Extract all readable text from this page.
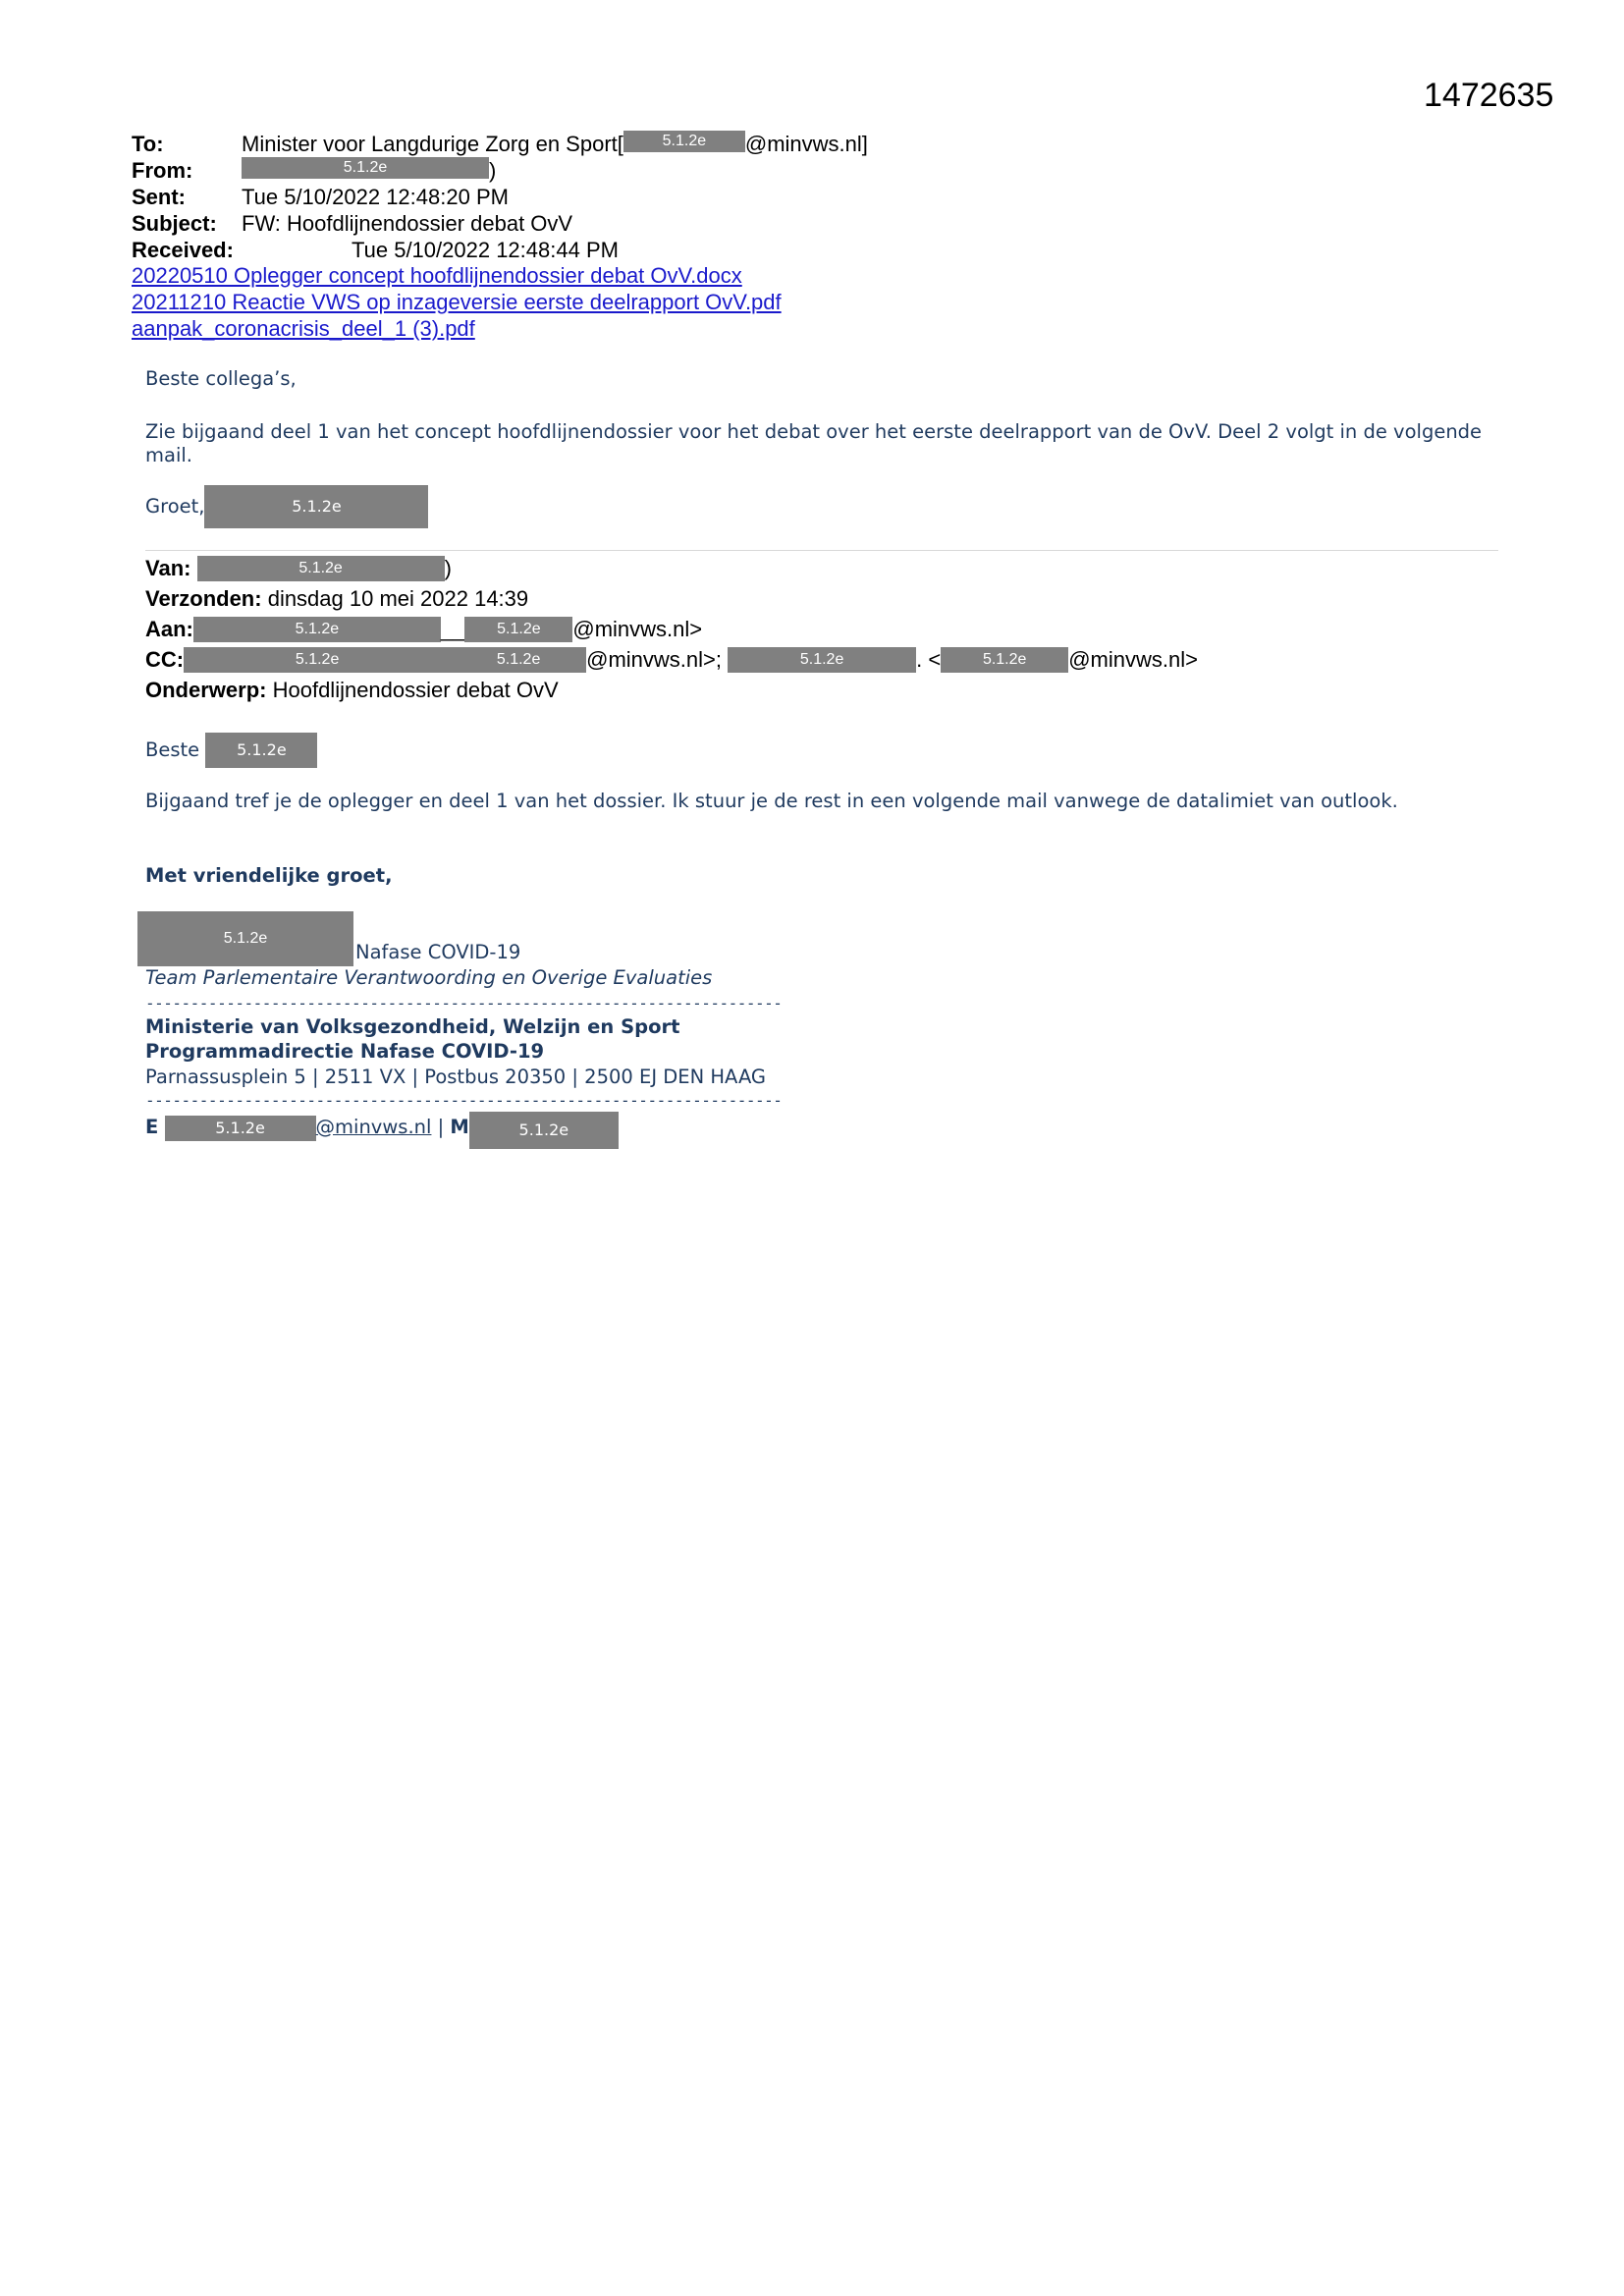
1472635
To:	Minister voor Langdurige Zorg en Sport[ 5.1.2e @minvws.nl]
From:	5.1.2e	)
Sent:	Tue 5/10/2022 12:48:20 PM
Subject: FW: Hoofdlijnendossier debat OvV
Received:	Tue 5/10/2022 12:48:44 PM
20220510 Oplegger concept hoofdlijnendossier debat OvV.docx
20211210 Reactie VWS op inzageversie eerste deelrapport OvV.pdf
aanpak_coronacrisis_deel_1 (3).pdf
Beste collega’s,
Zie bijgaand deel 1 van het concept hoofdlijnendossier voor het debat over het eerste deelrapport van de OvV. Deel 2 volgt in de volgende mail.
Groet,	5.1.2e
Van:	5.1.2e	)
Verzonden: dinsdag 10 mei 2022 14:39
Aan:	5.1.2e	__ 5.1.2e @minvws.nl>
CC:	5.1.2e	5.1.2e @minvws.nl>;	5.1.2e	. <	5.1.2e @minvws.nl>
Onderwerp: Hoofdlijnendossier debat OvV
Beste 5.1.2e
Bijgaand tref je de oplegger en deel 1 van het dossier. Ik stuur je de rest in een volgende mail vanwege de datalimiet van outlook.
Met vriendelijke groet,
5.1.2e
Nafase COVID-19
Team Parlementaire Verantwoording en Overige Evaluaties
-----------------------------------------------------------------------
Ministerie van Volksgezondheid, Welzijn en Sport
Programmadirectie Nafase COVID-19
Parnassusplein 5 | 2511 VX | Postbus 20350 | 2500 EJ DEN HAAG
-----------------------------------------------------------------------
E	5.1.2e	@minvws.nl | M	5.1.2e
